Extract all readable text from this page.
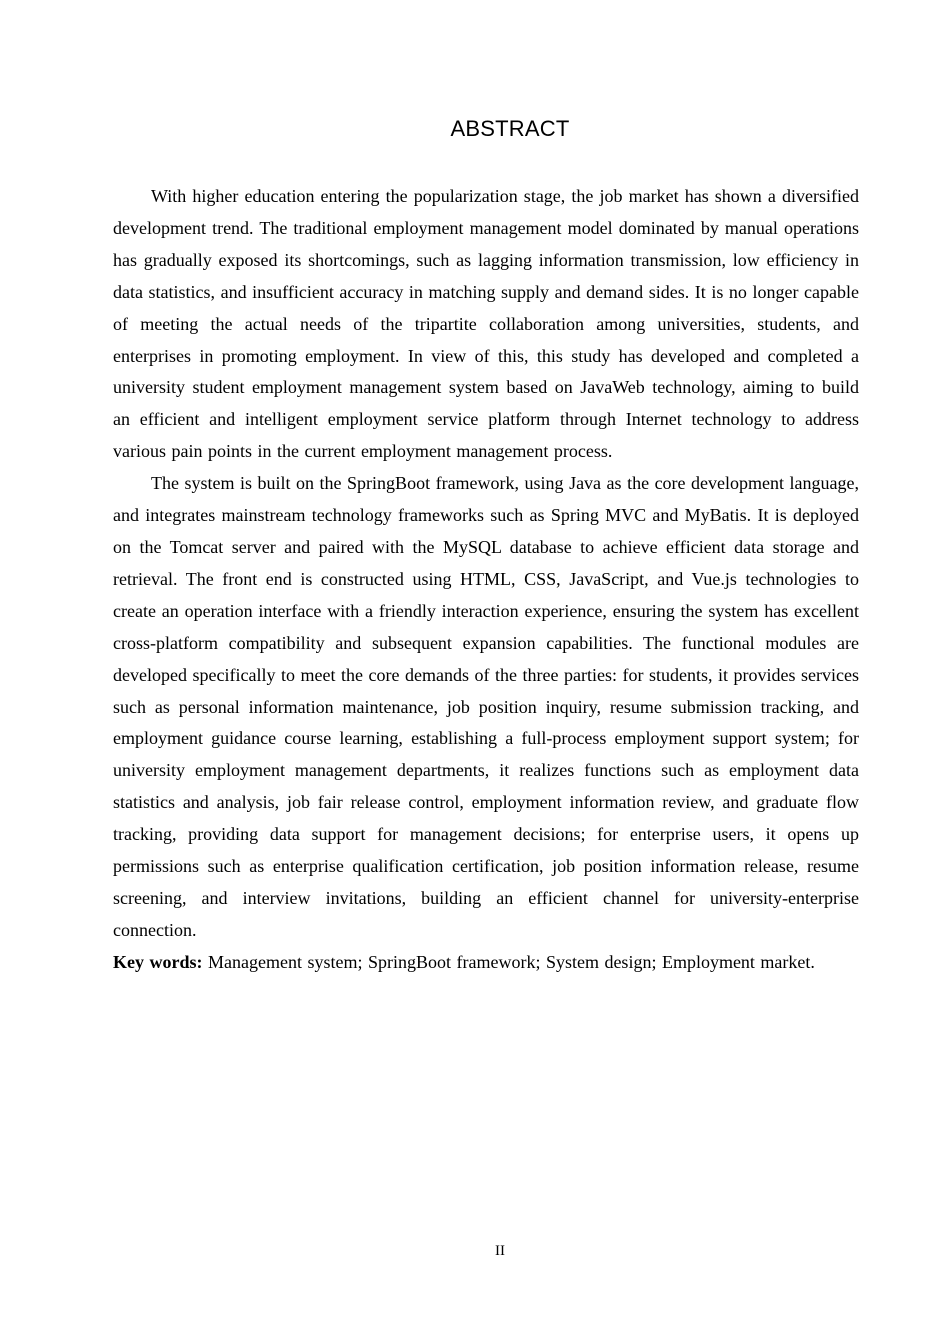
ABSTRACT

With higher education entering the popularization stage, the job market has shown a diversified development trend. The traditional employment management model dominated by manual operations has gradually exposed its shortcomings, such as lagging information transmission, low efficiency in data statistics, and insufficient accuracy in matching supply and demand sides. It is no longer capable of meeting the actual needs of the tripartite collaboration among universities, students, and enterprises in promoting employment. In view of this, this study has developed and completed a university student employment management system based on JavaWeb technology, aiming to build an efficient and intelligent employment service platform through Internet technology to address various pain points in the current employment management process.

The system is built on the SpringBoot framework, using Java as the core development language, and integrates mainstream technology frameworks such as Spring MVC and MyBatis. It is deployed on the Tomcat server and paired with the MySQL database to achieve efficient data storage and retrieval. The front end is constructed using HTML, CSS, JavaScript, and Vue.js technologies to create an operation interface with a friendly interaction experience, ensuring the system has excellent cross-platform compatibility and subsequent expansion capabilities. The functional modules are developed specifically to meet the core demands of the three parties: for students, it provides services such as personal information maintenance, job position inquiry, resume submission tracking, and employment guidance course learning, establishing a full-process employment support system; for university employment management departments, it realizes functions such as employment data statistics and analysis, job fair release control, employment information review, and graduate flow tracking, providing data support for management decisions; for enterprise users, it opens up permissions such as enterprise qualification certification, job position information release, resume screening, and interview invitations, building an efficient channel for university-enterprise connection.

Key words: Management system; SpringBoot framework; System design; Employment market.

II
